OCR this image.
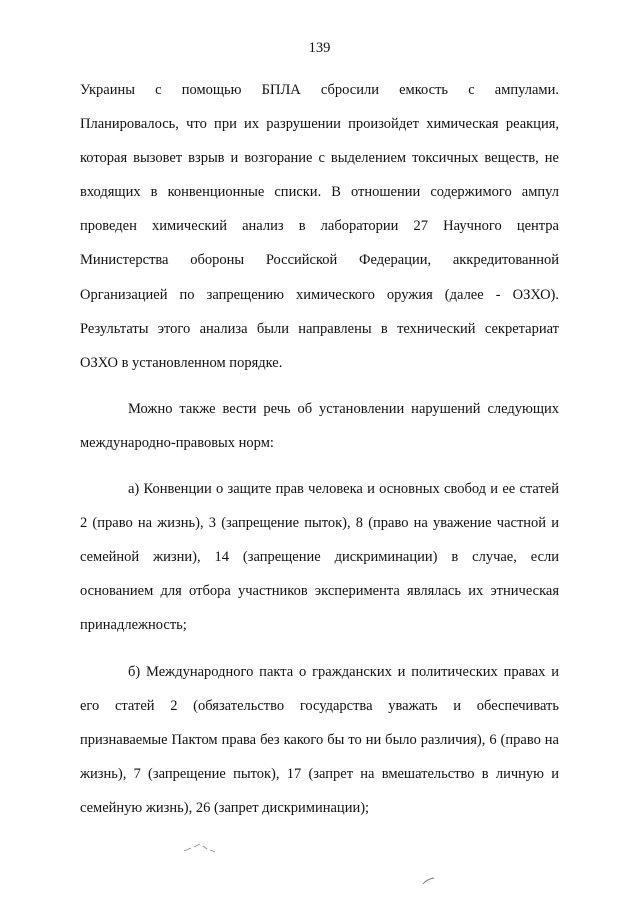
139

Украины с помощью БПЛА сбросили емкость с ампулами.

Планировалось, что при их разрушении произойдет химическая реакция, которая вызовет взрыв и возгорание с выделением токсичных веществ, не входящих в конвенционные списки. В отношении содержимого ампул проведен химический анализ в лаборатории 27 Научного центра Министерства обороны Российской Федерации, аккредитованной Организацией по запрещению химического оружия (далее - ОЗХО). Результаты этого анализа были направлены в технический секретариат ОЗХО в установленном порядке.

Можно также вести речь об установлении нарушений следующих международно-правовых норм:

а) Конвенции о защите прав человека и основных свобод и ее статей 2 (право на жизнь), 3 (запрещение пыток), 8 (право на уважение частной и семейной жизни), 14 (запрещение дискриминации) в случае, если основанием для отбора участников эксперимента являлась их этническая принадлежность;

б) Международного пакта о гражданских и политических правах и его статей 2 (обязательство государства уважать и обеспечивать признаваемые Пактом права без какого бы то ни было различия), 6 (право на жизнь), 7 (запрещение пыток), 17 (запрет на вмешательство в личную и семейную жизнь), 26 (запрет дискриминации);
